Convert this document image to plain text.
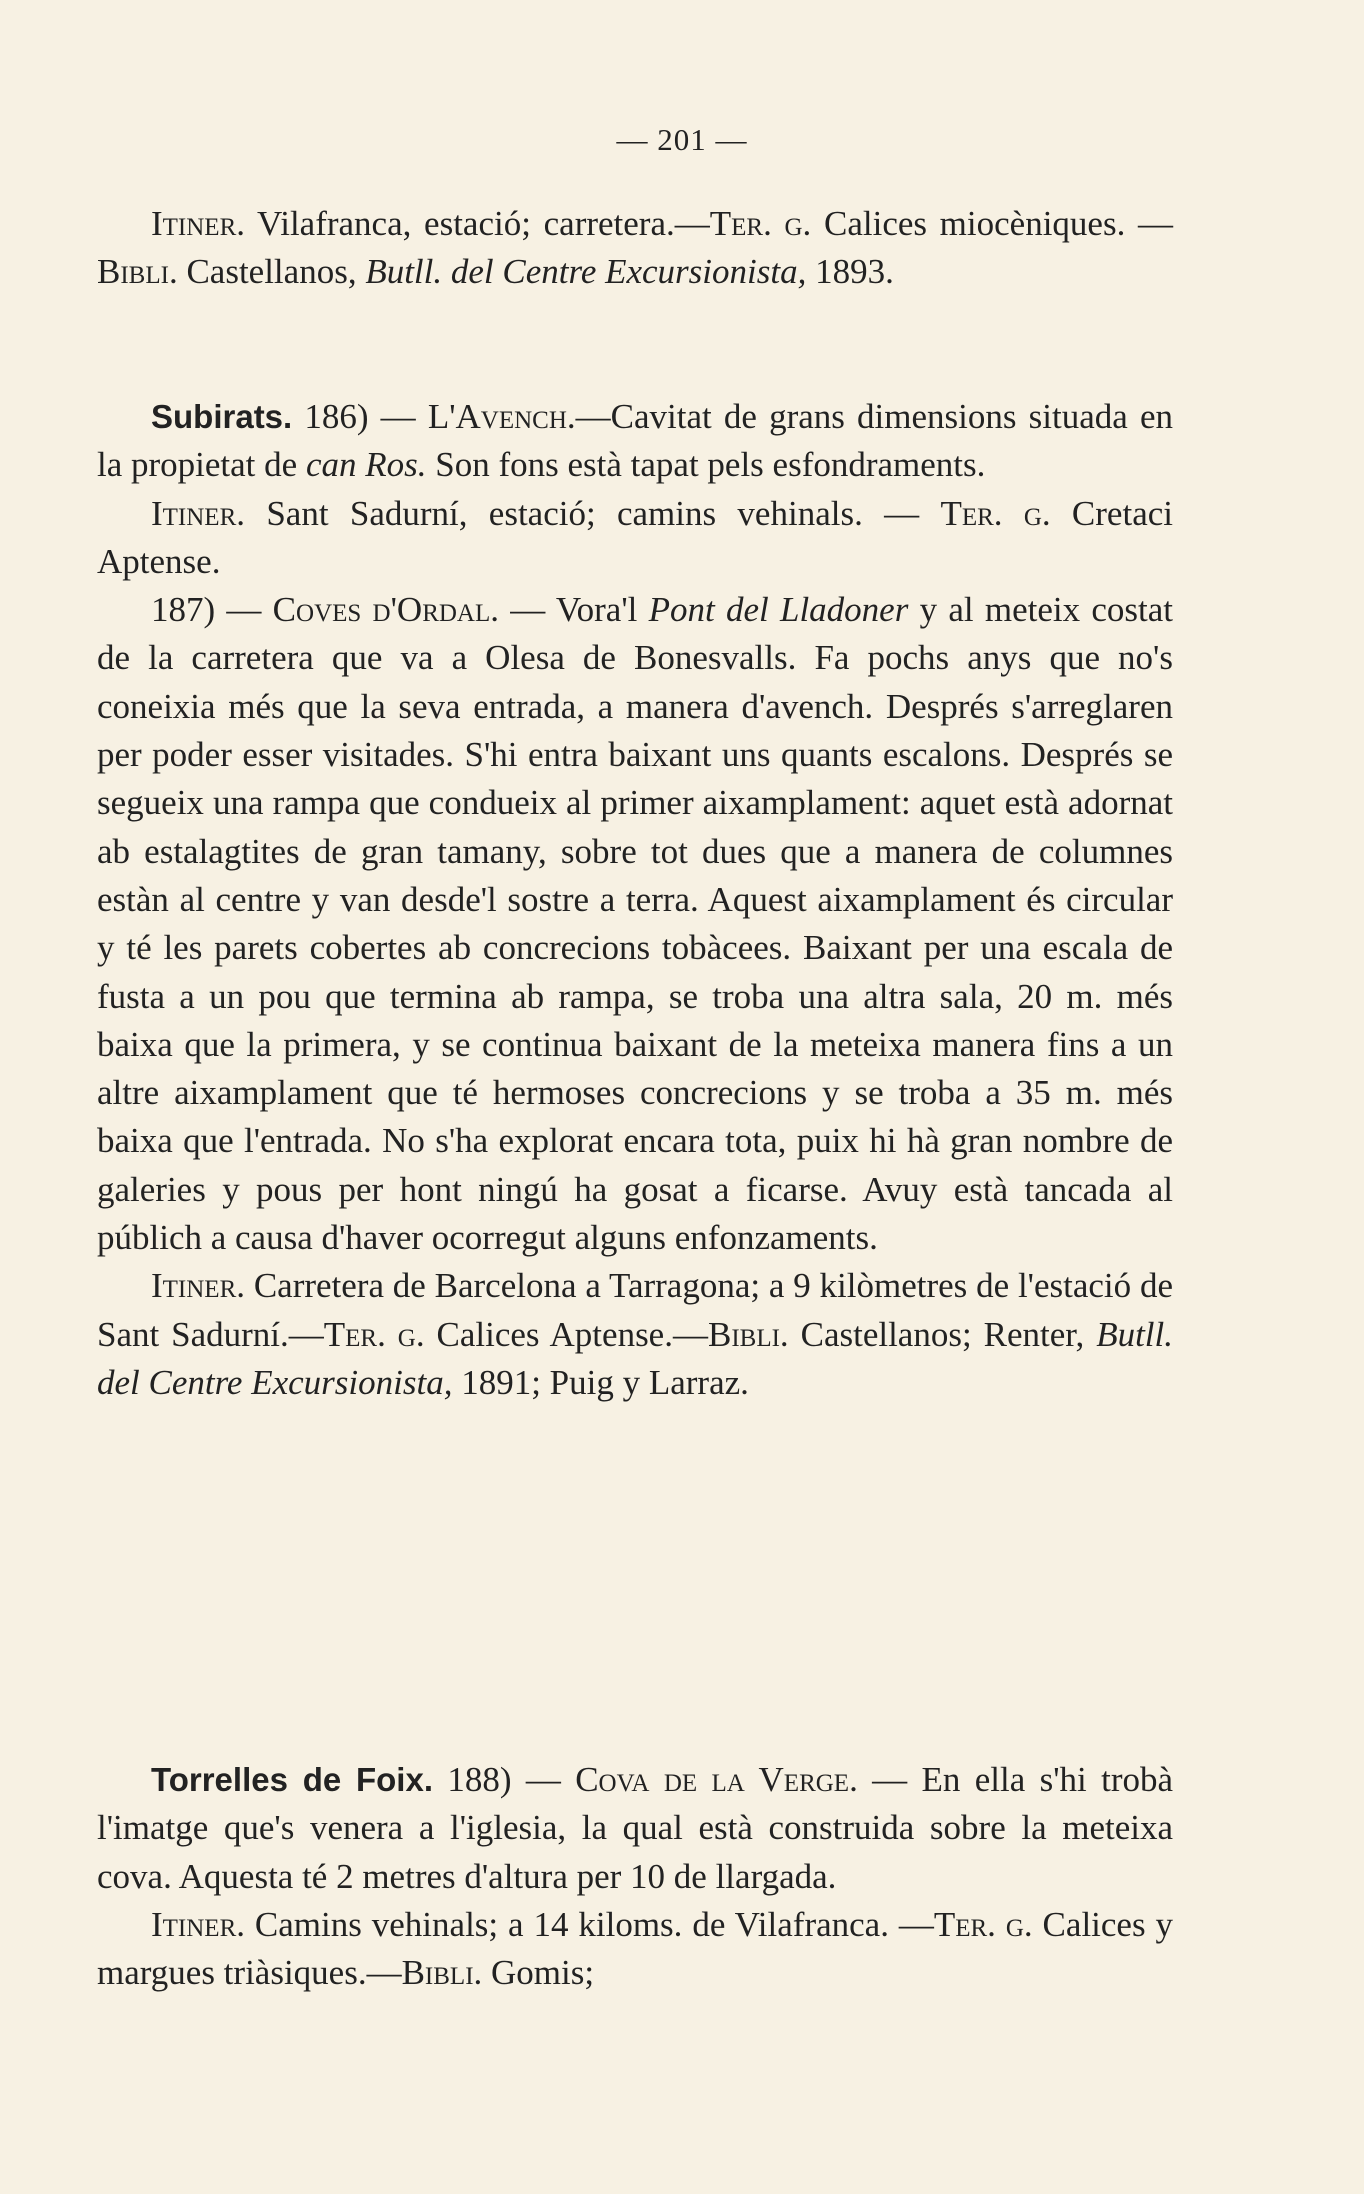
— 201 —

Itiner. Vilafranca, estació; carretera.—Ter. g. Calices miocèniques. — Bibli. Castellanos, Butll. del Centre Excursionista, 1893.

Subirats. 186) — L'Avench.—Cavitat de grans dimensions situada en la propietat de can Ros. Son fons està tapat pels esfondraments.

Itiner. Sant Sadurní, estació; camins vehinals. — Ter. g. Cretaci Aptense.

187) — Coves d'Ordal. — Vora'l Pont del Lladoner y al meteix costat de la carretera que va a Olesa de Bonesvalls. Fa pochs anys que no's coneixia més que la seva entrada, a manera d'avench. Després s'arreglaren per poder esser visitades. S'hi entra baixant uns quants escalons. Després se segueix una rampa que condueix al primer aixamplament: aquet està adornat ab estalagtites de gran tamany, sobre tot dues que a manera de columnes estàn al centre y van desde'l sostre a terra. Aquest aixamplament és circular y té les parets cobertes ab concrecions tobàcees. Baixant per una escala de fusta a un pou que termina ab rampa, se troba una altra sala, 20 m. més baixa que la primera, y se continua baixant de la meteixa manera fins a un altre aixamplament que té hermoses concrecions y se troba a 35 m. més baixa que l'entrada. No s'ha explorat encara tota, puix hi hà gran nombre de galeries y pous per hont ningú ha gosat a ficarse. Avuy està tancada al públich a causa d'haver ocorregut alguns enfonzaments.

Itiner. Carretera de Barcelona a Tarragona; a 9 kilòmetres de l'estació de Sant Sadurní.—Ter. g. Calices Aptense.—Bibli. Castellanos; Renter, Butll. del Centre Excursionista, 1891; Puig y Larraz.

Torrelles de Foix. 188) — Cova de la Verge. — En ella s'hi trobà l'imatge que's venera a l'iglesia, la qual està construida sobre la meteixa cova. Aquesta té 2 metres d'altura per 10 de llargada.

Itiner. Camins vehinals; a 14 kiloms. de Vilafranca. —Ter. g. Calices y margues triàsiques.—Bibli. Gomis;
